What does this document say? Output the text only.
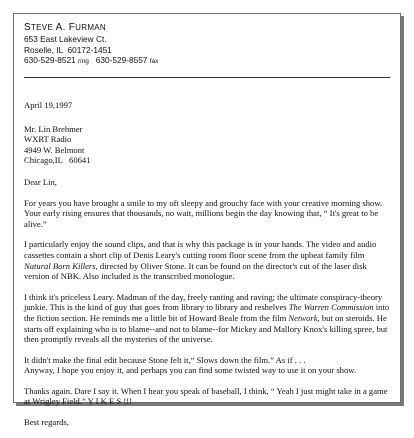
STEVE A. FURMAN
653 East Lakeview Ct.
Roselle, IL  60172-1451
630-529-8521 ring 630-529-8557 fax

April 19,1997

Mr. Lin Brehmer
WXRT Radio
4949 W. Belmont
Chicago,IL   60641

Dear Lin,

For years you have brought a smile to my oft sleepy and grouchy face with your creative morning show. Your early rising ensures that thousands, no wait, millions begin the day knowing that, “ It's great to be alive.”

I particularly enjoy the sound clips, and that is why this package is in your hands. The video and audio cassettes contain a short clip of Denis Leary's cutting room floor scene from the upbeat family film Natural Born Killers, directed by Oliver Stone. It can be found on the director's cut of the laser disk version of NBK. Also included is the transcribed monologue.

I think it's priceless Leary. Madman of the day, freely ranting and raving; the ultimate conspiracy-theory junkie. This is the kind of guy that goes from library to library and reshelves The Warren Commission into the fiction section. He reminds me a little bit of Howard Beale from the film Network, but on steroids. He starts off explaining who is to blame--and not to blame--for Mickey and Mallory Knox's killing spree, but then promptly reveals all the mysteries of the universe.

It didn't make the final edit because Stone felt it,“ Slows down the film.” As if . . .
Anyway, I hope you enjoy it, and perhaps you can find some twisted way to use it on your show.

Thanks again. Dare I say it. When I hear you speak of baseball, I think, “ Yeah I just might take in a game at Wrigley Field.” Y I K E S !!!

Best regards,
